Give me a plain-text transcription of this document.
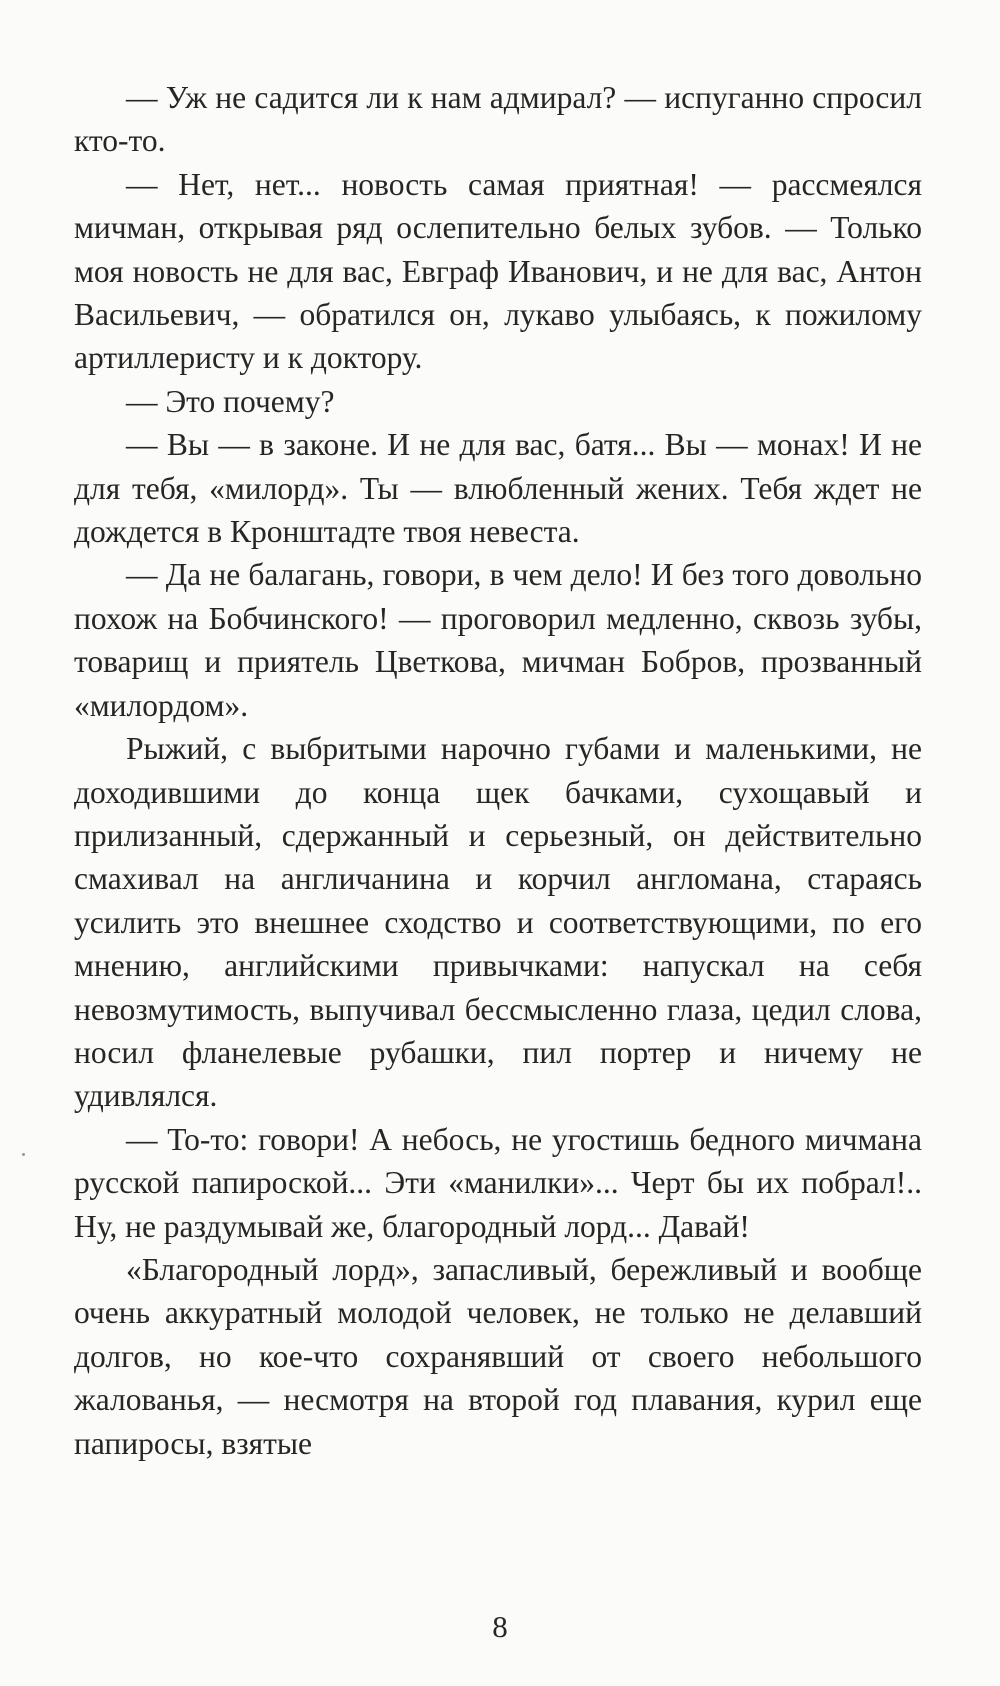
— Уж не садится ли к нам адмирал? — испуганно спросил кто-то.

— Нет, нет... новость самая приятная! — рассмеялся мичман, открывая ряд ослепительно белых зубов. — Только моя новость не для вас, Евграф Иванович, и не для вас, Антон Васильевич, — обратился он, лукаво улыбаясь, к пожилому артиллеристу и к доктору.

— Это почему?

— Вы — в законе. И не для вас, батя... Вы — монах! И не для тебя, «милорд». Ты — влюбленный жених. Тебя ждет не дождется в Кронштадте твоя невеста.

— Да не балагань, говори, в чем дело! И без того довольно похож на Бобчинского! — проговорил медленно, сквозь зубы, товарищ и приятель Цветкова, мичман Бобров, прозванный «милордом».

Рыжий, с выбритыми нарочно губами и маленькими, не доходившими до конца щек бачками, сухощавый и прилизанный, сдержанный и серьезный, он действительно смахивал на англичанина и корчил англомана, стараясь усилить это внешнее сходство и соответствующими, по его мнению, английскими привычками: напускал на себя невозмутимость, выпучивал бессмысленно глаза, цедил слова, носил фланелевые рубашки, пил портер и ничему не удивлялся.

— То-то: говори! А небось, не угостишь бедного мичмана русской папироской... Эти «манилки»... Черт бы их побрал!.. Ну, не раздумывай же, благородный лорд... Давай!

«Благородный лорд», запасливый, бережливый и вообще очень аккуратный молодой человек, не только не делавший долгов, но кое-что сохранявший от своего небольшого жалованья, — несмотря на второй год плавания, курил еще папиросы, взятые

8
